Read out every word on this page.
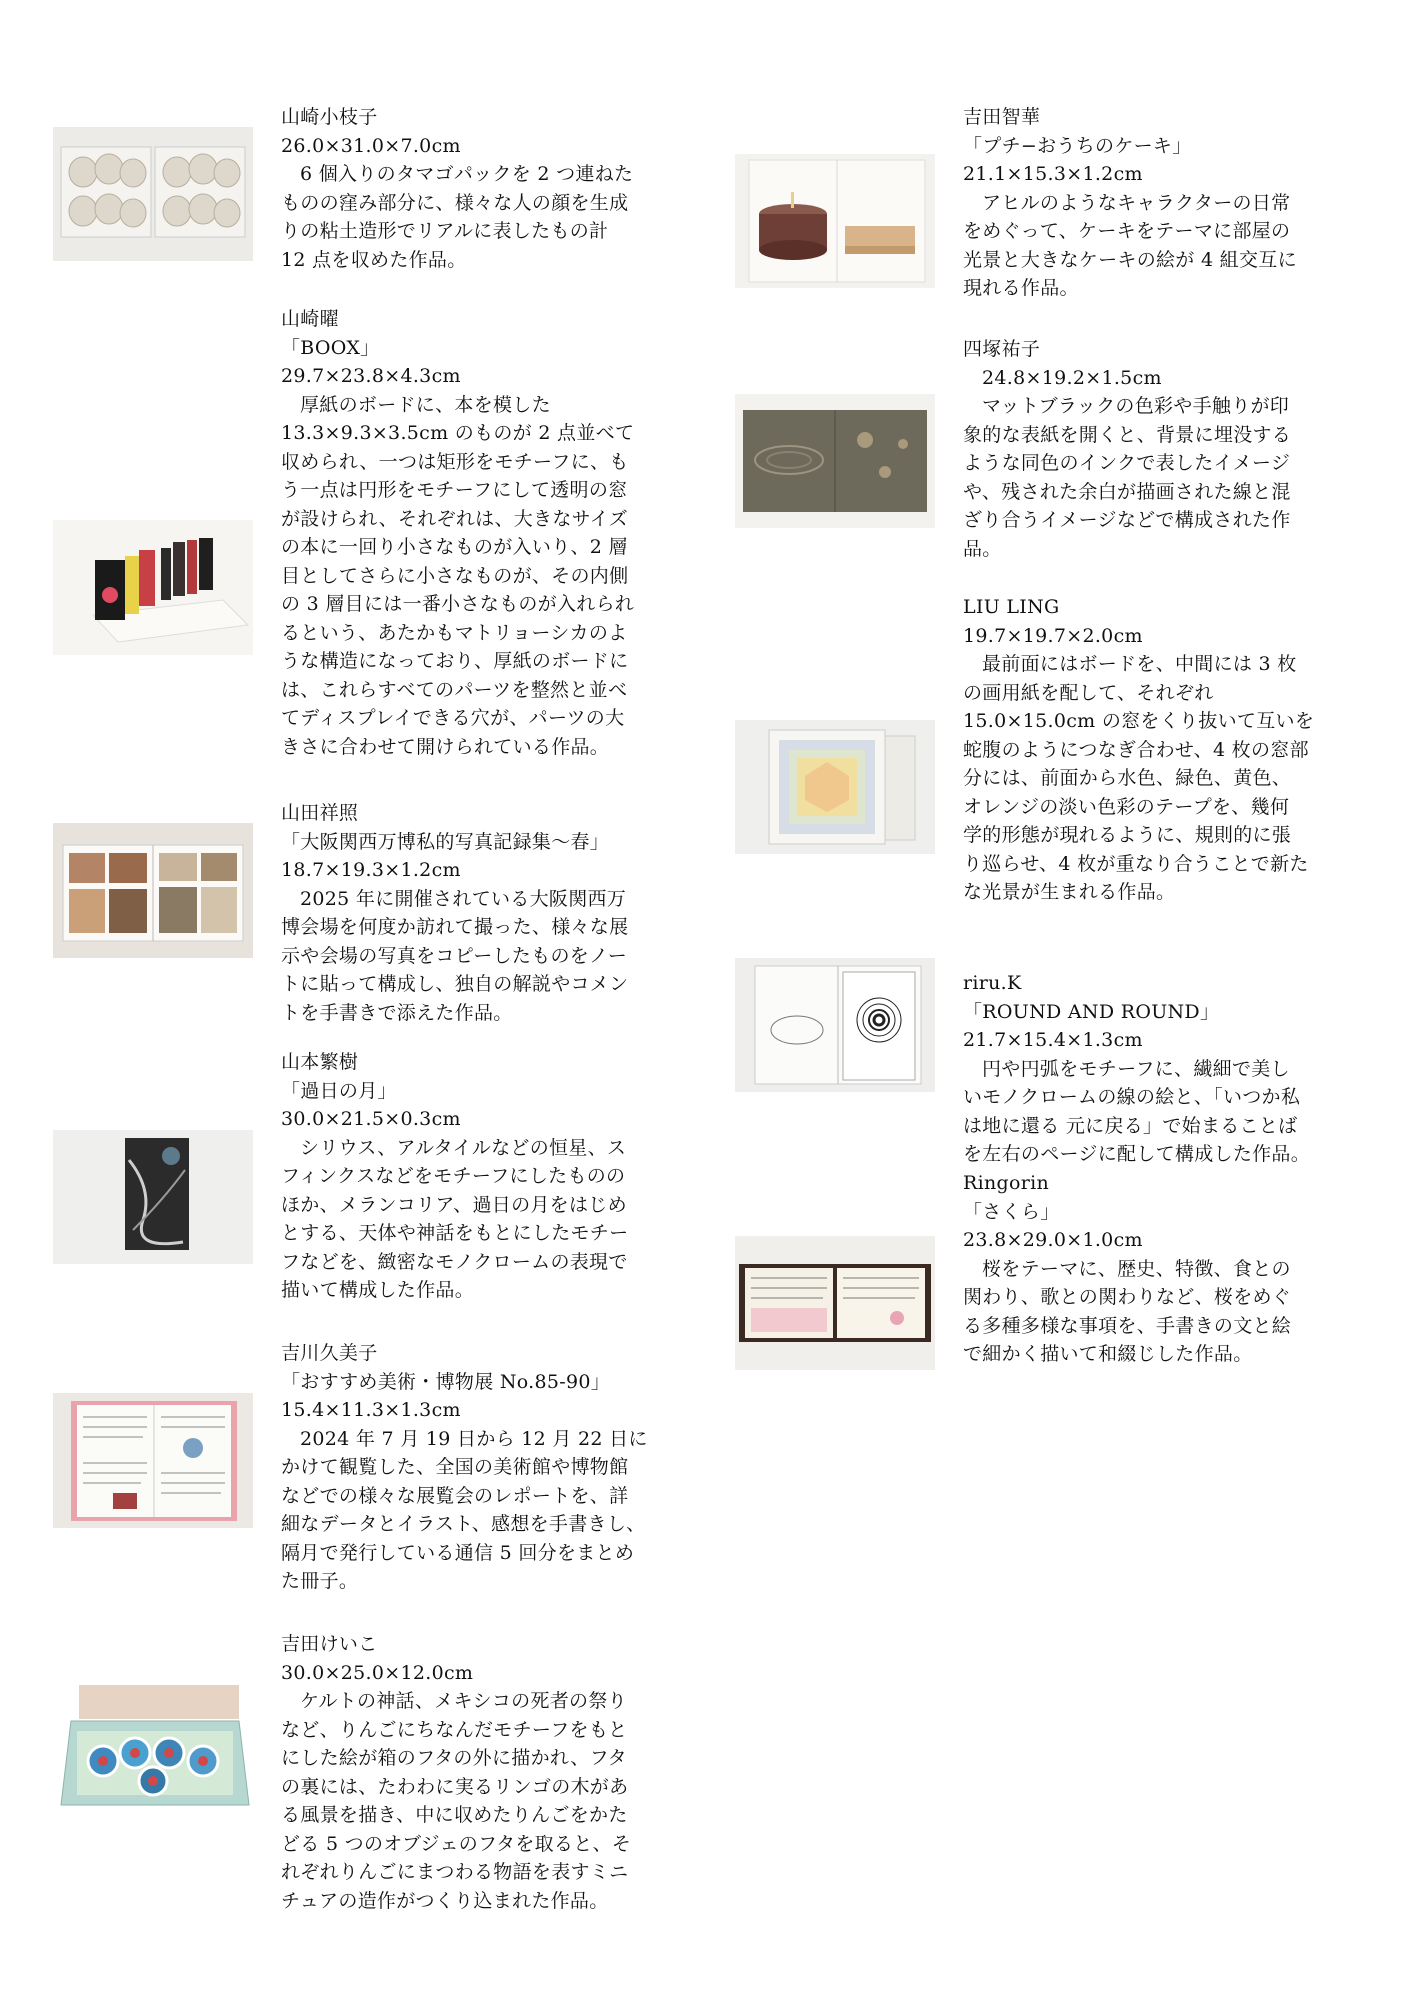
山崎小枝子
26.0×31.0×7.0cm
6 個入りのタマゴパックを 2 つ連ねた
ものの窪み部分に、様々な人の顔を生成
りの粘土造形でリアルに表したもの計
12 点を収めた作品。
山崎曜
「BOOX」
29.7×23.8×4.3cm
厚紙のボードに、本を模した
13.3×9.3×3.5cm のものが 2 点並べて
収められ、一つは矩形をモチーフに、も
う一点は円形をモチーフにして透明の窓
が設けられ、それぞれは、大きなサイズ
の本に一回り小さなものが入いり、2 層
目としてさらに小さなものが、その内側
の 3 層目には一番小さなものが入れられ
るという、あたかもマトリョーシカのよ
うな構造になっており、厚紙のボードに
は、これらすべてのパーツを整然と並べ
てディスプレイできる穴が、パーツの大
きさに合わせて開けられている作品。
山田祥照
「大阪関西万博私的写真記録集～春」
18.7×19.3×1.2cm
2025 年に開催されている大阪関西万
博会場を何度か訪れて撮った、様々な展
示や会場の写真をコピーしたものをノー
トに貼って構成し、独自の解説やコメン
トを手書きで添えた作品。
山本繁樹
「過日の月」
30.0×21.5×0.3cm
シリウス、アルタイルなどの恒星、ス
フィンクスなどをモチーフにしたものの
ほか、メランコリア、過日の月をはじめ
とする、天体や神話をもとにしたモチー
フなどを、緻密なモノクロームの表現で
描いて構成した作品。
吉川久美子
「おすすめ美術・博物展 No.85-90」
15.4×11.3×1.3cm
2024 年 7 月 19 日から 12 月 22 日に
かけて観覧した、全国の美術館や博物館
などでの様々な展覧会のレポートを、詳
細なデータとイラスト、感想を手書きし、
隔月で発行している通信 5 回分をまとめ
た冊子。
吉田けいこ
30.0×25.0×12.0cm
ケルトの神話、メキシコの死者の祭り
など、りんごにちなんだモチーフをもと
にした絵が箱のフタの外に描かれ、フタ
の裏には、たわわに実るリンゴの木があ
る風景を描き、中に収めたりんごをかた
どる 5 つのオブジェのフタを取ると、そ
れぞれりんごにまつわる物語を表すミニ
チュアの造作がつくり込まれた作品。
吉田智華
「プチ−おうちのケーキ」
21.1×15.3×1.2cm
アヒルのようなキャラクターの日常
をめぐって、ケーキをテーマに部屋の
光景と大きなケーキの絵が 4 組交互に
現れる作品。
四塚祐子
24.8×19.2×1.5cm
マットブラックの色彩や手触りが印
象的な表紙を開くと、背景に埋没する
ような同色のインクで表したイメージ
や、残された余白が描画された線と混
ざり合うイメージなどで構成された作
品。
LIU LING
19.7×19.7×2.0cm
最前面にはボードを、中間には 3 枚
の画用紙を配して、それぞれ
15.0×15.0cm の窓をくり抜いて互いを
蛇腹のようにつなぎ合わせ、4 枚の窓部
分には、前面から水色、緑色、黄色、
オレンジの淡い色彩のテープを、幾何
学的形態が現れるように、規則的に張
り巡らせ、4 枚が重なり合うことで新た
な光景が生まれる作品。
riru.K
「ROUND AND ROUND」
21.7×15.4×1.3cm
円や円弧をモチーフに、繊細で美し
いモノクロームの線の絵と、「いつか私
は地に還る 元に戻る」で始まることば
を左右のページに配して構成した作品。
Ringorin
「さくら」
23.8×29.0×1.0cm
桜をテーマに、歴史、特徴、食との
関わり、歌との関わりなど、桜をめぐ
る多種多様な事項を、手書きの文と絵
で細かく描いて和綴じした作品。
